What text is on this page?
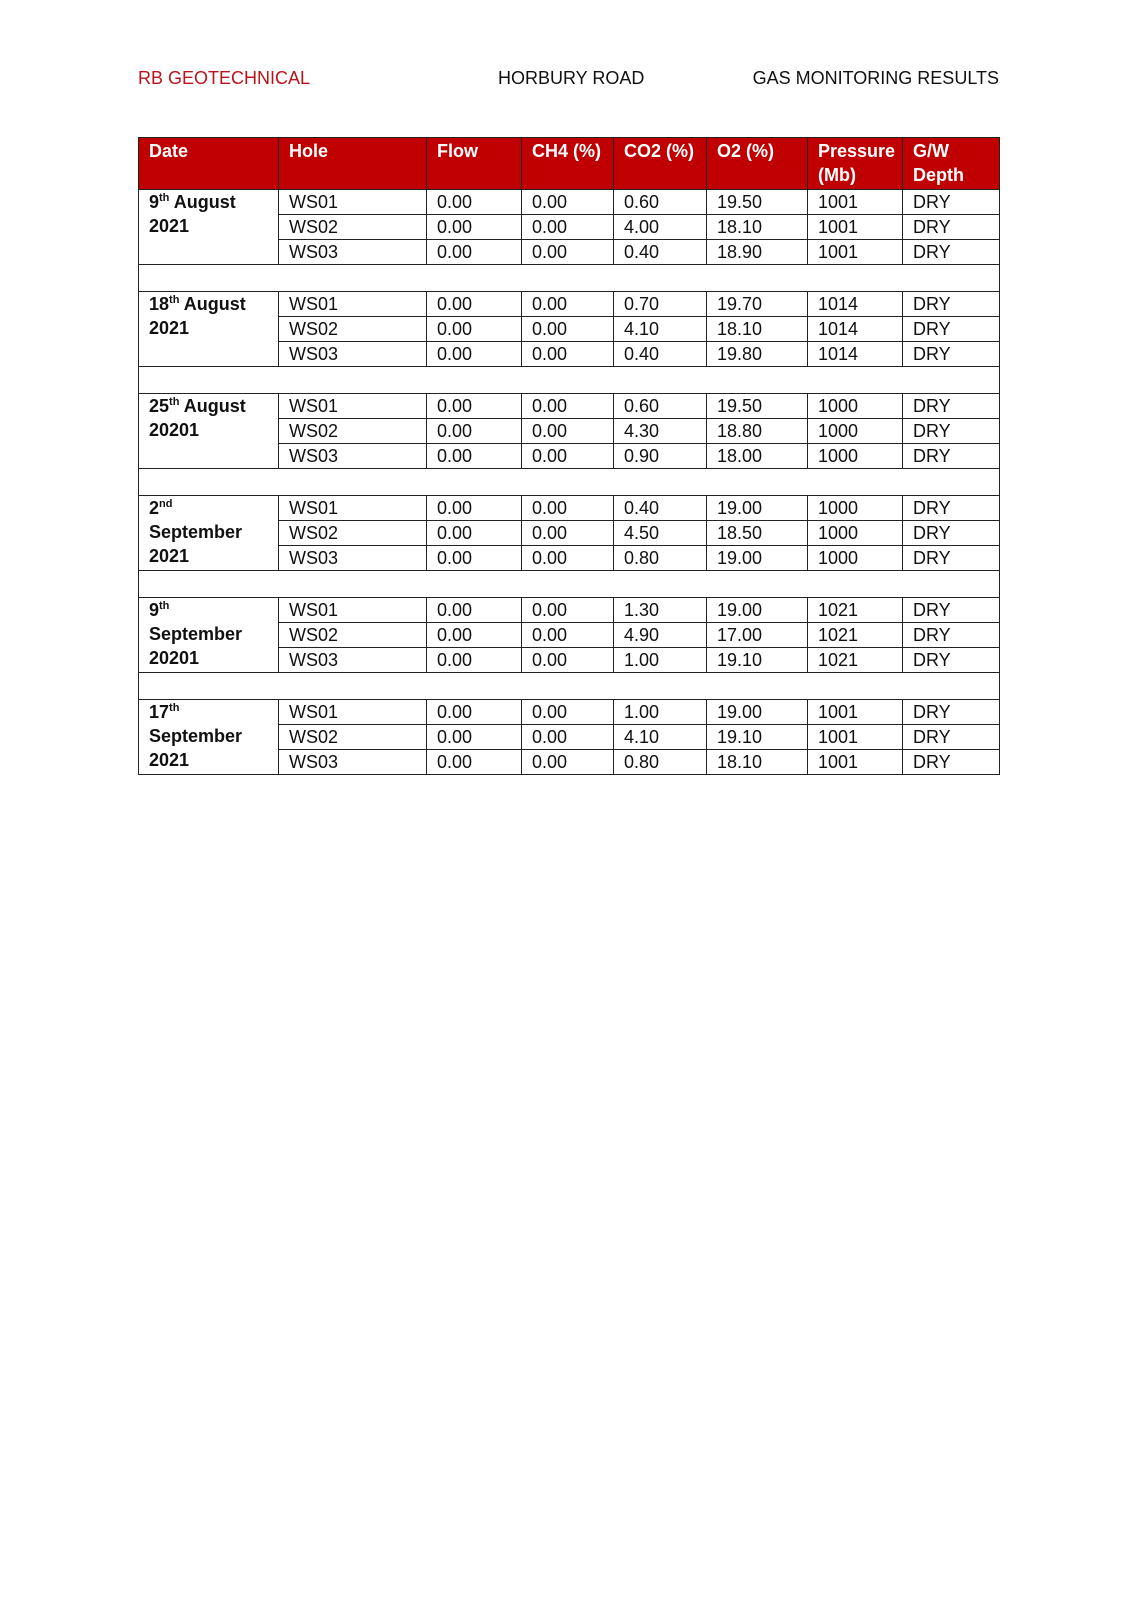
RB GEOTECHNICAL	HORBURY ROAD	GAS MONITORING RESULTS
Date	Hole	Flow	CH4 (%)	CO2 (%)	O2 (%)	Pressure (Mb)	G/W Depth
9th August
2021	WS01	0.00	0.00	0.60	19.50	1001	DRY
	WS02	0.00	0.00	4.00	18.10	1001	DRY
	WS03	0.00	0.00	0.40	18.90	1001	DRY

18th August
2021	WS01	0.00	0.00	0.70	19.70	1014	DRY
	WS02	0.00	0.00	4.10	18.10	1014	DRY
	WS03	0.00	0.00	0.40	19.80	1014	DRY

25th August
20201	WS01	0.00	0.00	0.60	19.50	1000	DRY
	WS02	0.00	0.00	4.30	18.80	1000	DRY
	WS03	0.00	0.00	0.90	18.00	1000	DRY

2nd
September
2021	WS01	0.00	0.00	0.40	19.00	1000	DRY
	WS02	0.00	0.00	4.50	18.50	1000	DRY
	WS03	0.00	0.00	0.80	19.00	1000	DRY

9th
September
20201	WS01	0.00	0.00	1.30	19.00	1021	DRY
	WS02	0.00	0.00	4.90	17.00	1021	DRY
	WS03	0.00	0.00	1.00	19.10	1021	DRY

17th
September
2021	WS01	0.00	0.00	1.00	19.00	1001	DRY
	WS02	0.00	0.00	4.10	19.10	1001	DRY
	WS03	0.00	0.00	0.80	18.10	1001	DRY
